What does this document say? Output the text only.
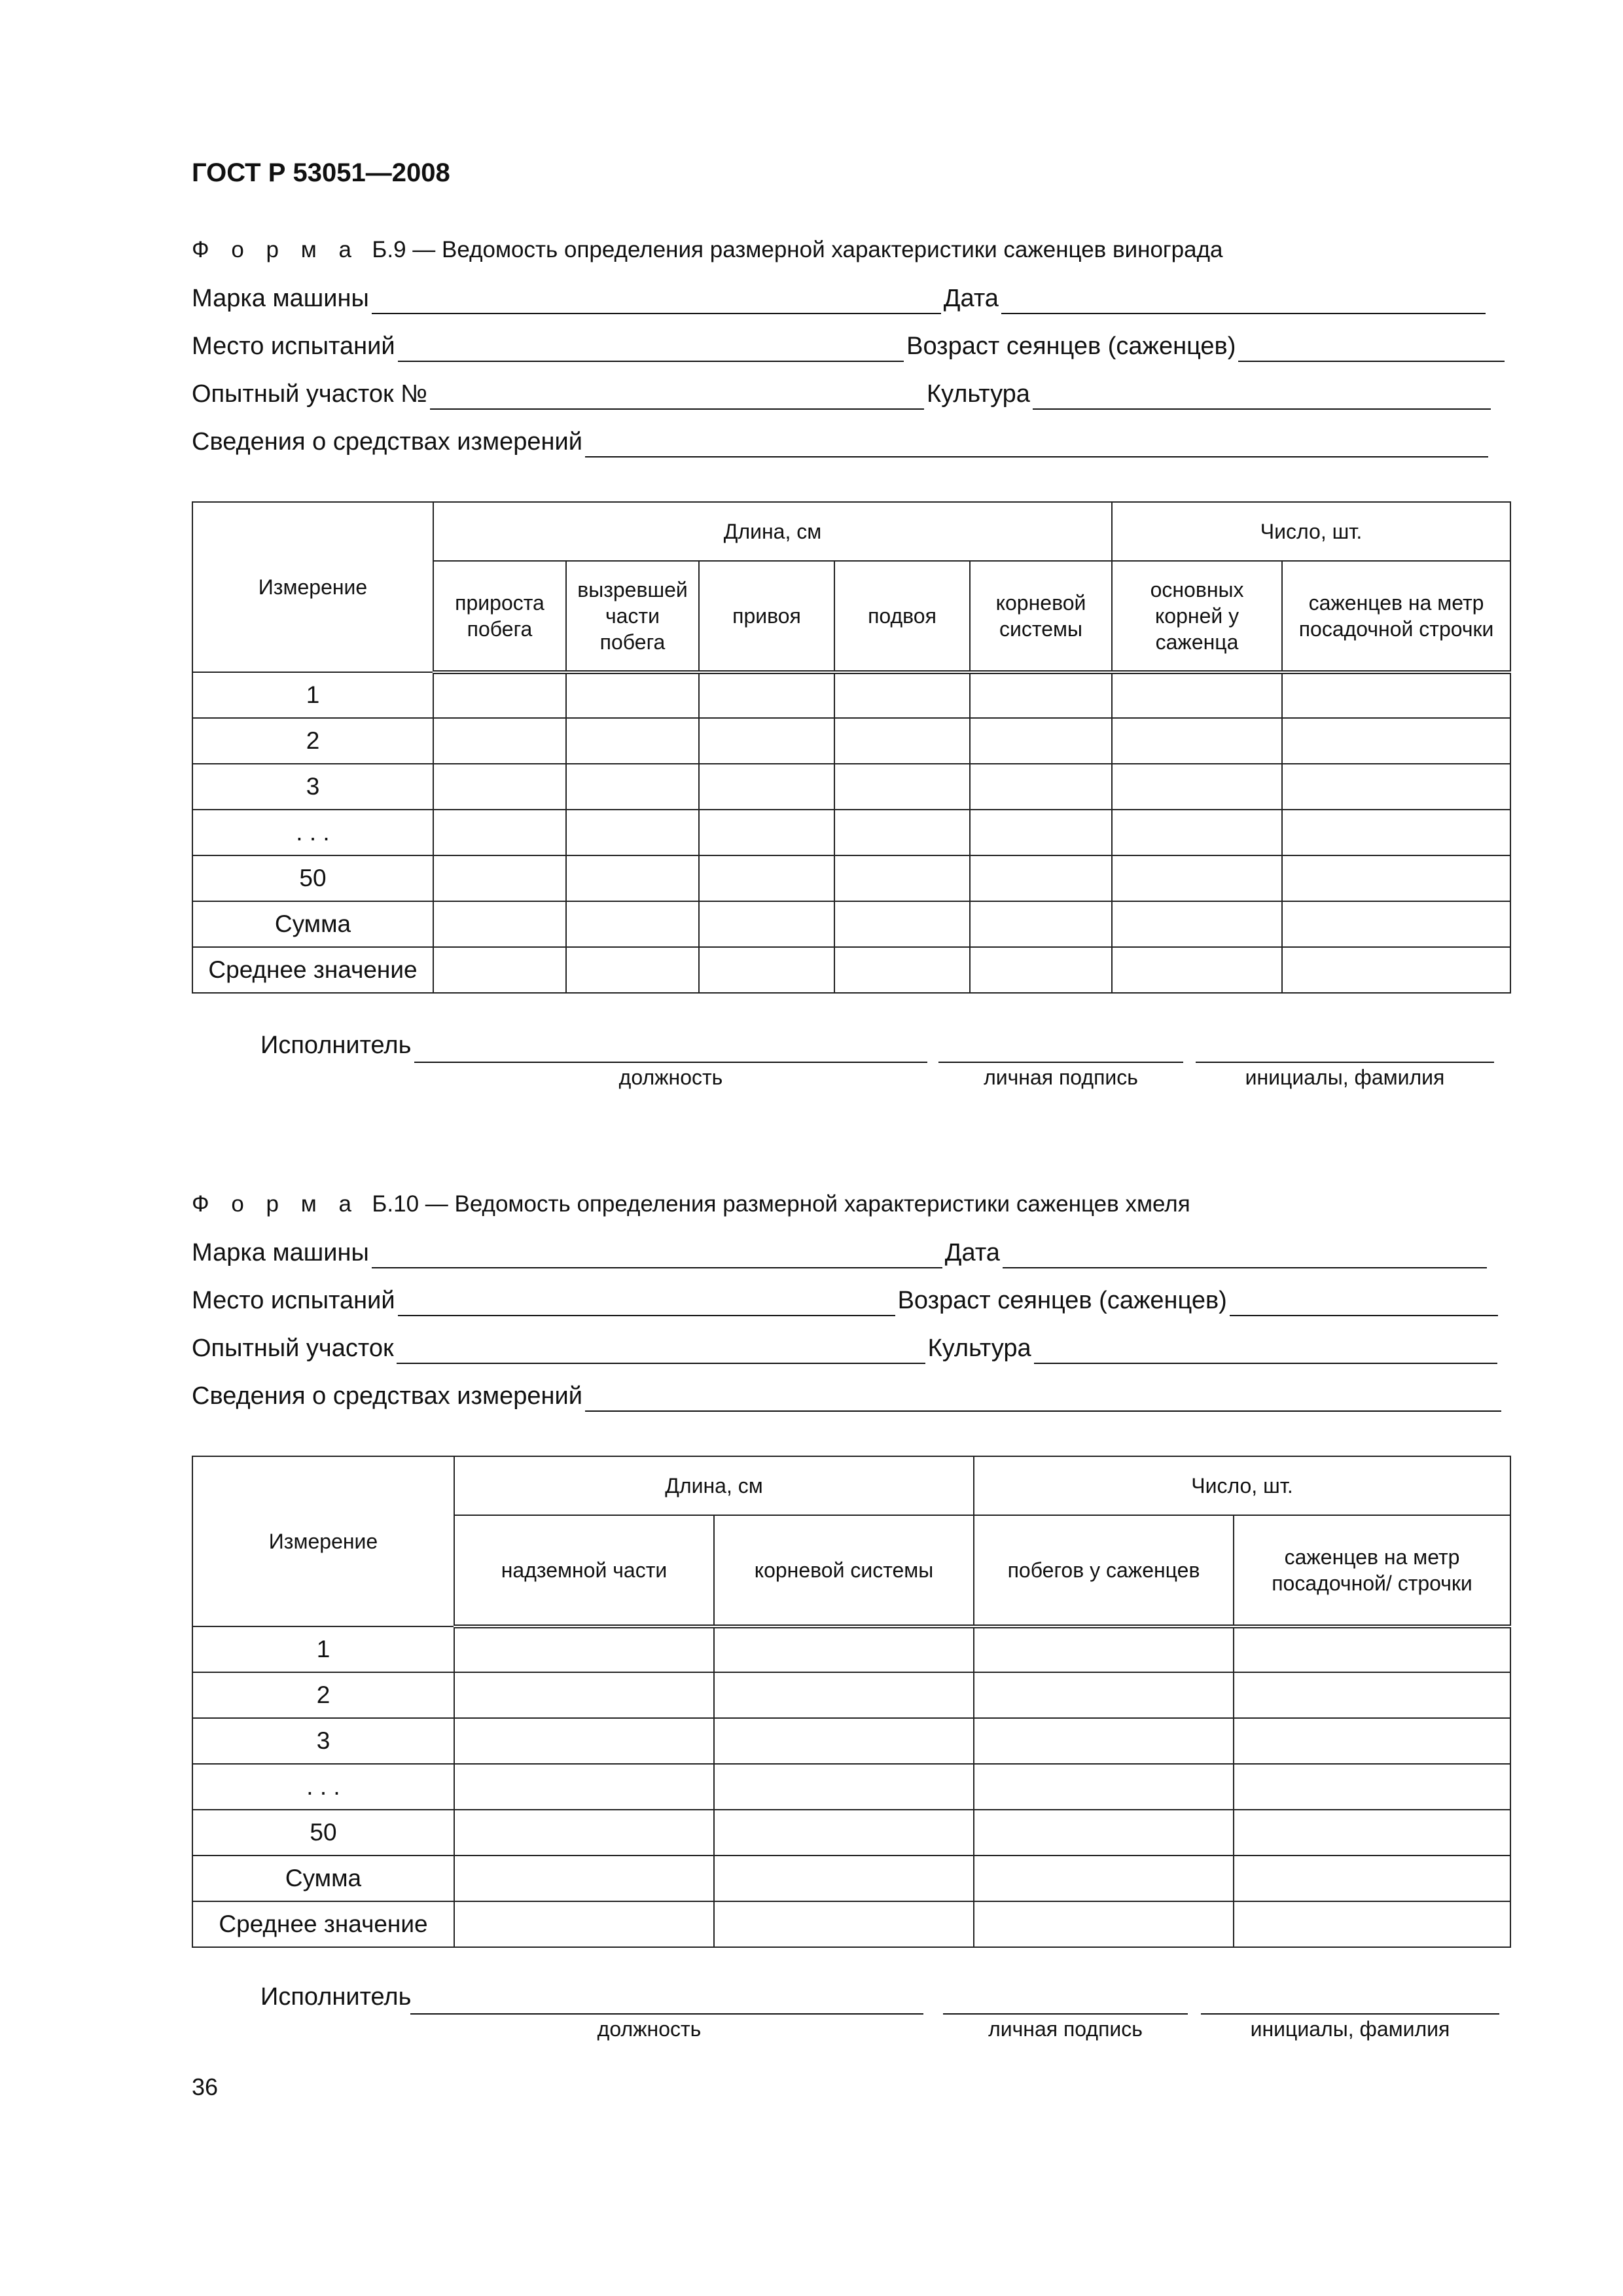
ГОСТ Р 53051—2008
Ф о р м а Б.9 — Ведомость определения размерной характеристики саженцев винограда
Марка машины	Дата
Место испытаний	Возраст сеянцев (саженцев)
Опытный участок №	Культура
Сведения о средствах измерений
Измерение	Длина, см					Число, шт.	
	прироста побега	вызревшей части побега	привоя	подвоя	корневой системы	основных корней у саженца	саженцев на метр посадочной строчки
1							
2							
3							
. . .							
50							
Сумма							
Среднее значение							
Исполнитель
должность	личная подпись	инициалы, фамилия
Ф о р м а Б.10 — Ведомость определения размерной характеристики саженцев хмеля
Марка машины	Дата
Место испытаний	Возраст сеянцев (саженцев)
Опытный участок	Культура
Сведения о средствах измерений
Измерение	Длина, см		Число, шт.	
	надземной части	корневой системы	побегов у саженцев	саженцев на метр посадочной/ строчки
1				
2				
3				
. . .				
50				
Сумма				
Среднее значение				
Исполнитель
должность	личная подпись	инициалы, фамилия
36
